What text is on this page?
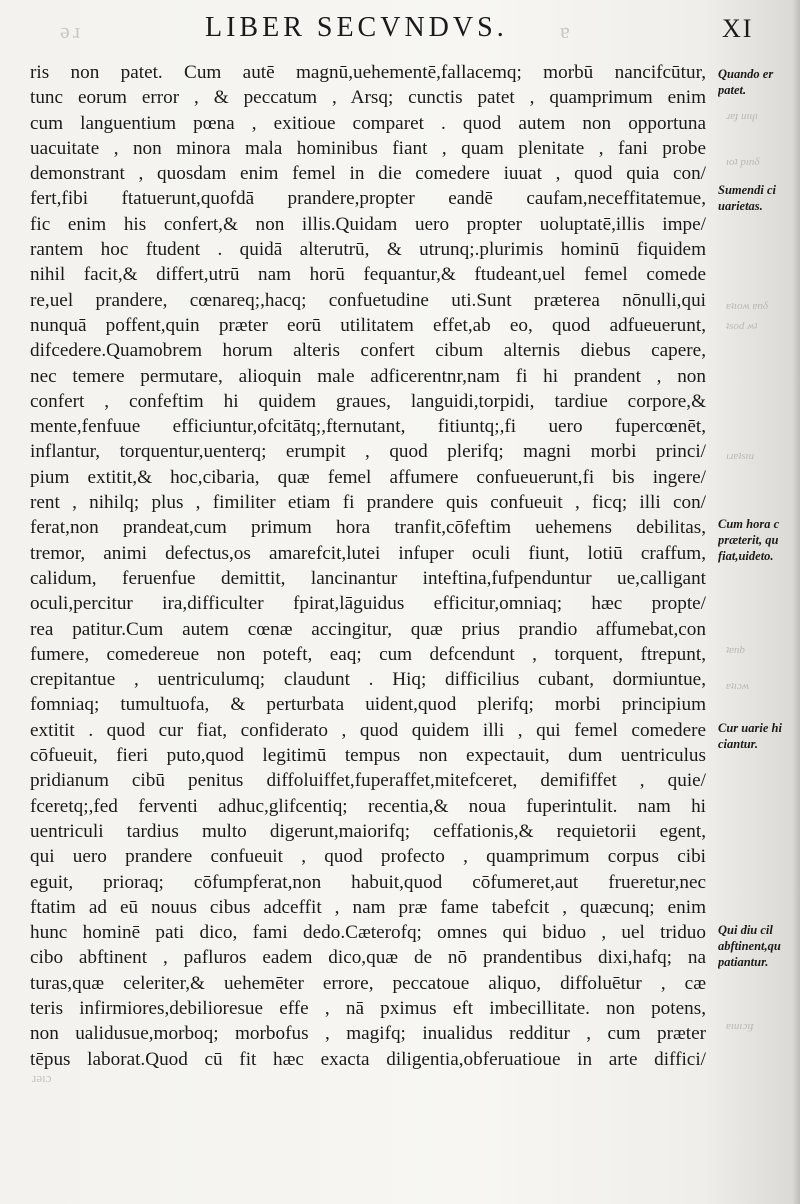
ǝɹ	ɐ
LIBER SECVNDVS.	XI
ris non patet. Cum autē magnū,uehementē,fallacemq; morbū nancifcūtur,
tunc eorum error , & peccatum , Arsq; cunctis patet , quamprimum enim
cum languentium pœna , exitioue comparet . quod autem non opportuna
uacuitate , non minora mala hominibus fiant , quam plenitate , fani probe
demonstrant , quosdam enim femel in die comedere iuuat , quod quia con/
fert,fibi ftatuerunt,quofdā prandere,propter eandē caufam,neceffitatemue,
fic enim his confert,& non illis.Quidam uero propter uoluptatē,illis impe/
rantem hoc ftudent . quidā alterutrū, & utrunq;.plurimis hominū fiquidem
nihil facit,& differt,utrū nam horū fequantur,& ftudeant,uel femel comede
re,uel prandere, cœnareq;,hacq; confuetudine uti.Sunt præterea nōnulli,qui
nunquā poffent,quin præter eorū utilitatem effet,ab eo, quod adfueuerunt,
difcedere.Quamobrem horum alteris confert cibum alternis diebus capere,
nec temere permutare, alioquin male adficerentnr,nam fi hi prandent , non
confert , confeftim hi quidem graues, languidi,torpidi, tardiue corpore,&
mente,fenfuue efficiuntur,ofcitātq;,fternutant, fitiuntq;,fi uero fupercœnēt,
inflantur, torquentur,uenterq; erumpit , quod plerifq; magni morbi princi/
pium extitit,& hoc,cibaria, quæ femel affumere confueuerunt,fi bis ingere/
rent , nihilq; plus , fimiliter etiam fi prandere quis confueuit , ficq; illi con/
ferat,non prandeat,cum primum hora tranfit,cōfeftim uehemens debilitas,
tremor, animi defectus,os amarefcit,lutei infuper oculi fiunt, lotiū craffum,
calidum, feruenfue demittit, lancinantur inteftina,fufpenduntur ue,calligant
oculi,percitur ira,difficulter fpirat,lāguidus efficitur,omniaq; hæc propte/
rea patitur.Cum autem cœnæ accingitur, quæ prius prandio affumebat,con
fumere, comedereue non poteft, eaq; cum defcendunt , torquent, ftrepunt,
crepitantue , uentriculumq; claudunt . Hiq; difficilius cubant, dormiuntue,
fomniaq; tumultuofa, & perturbata uident,quod plerifq; morbi principium
extitit . quod cur fiat, confiderato , quod quidem illi , qui femel comedere
cōfueuit, fieri puto,quod legitimū tempus non expectauit, dum uentriculus
pridianum cibū penitus diffoluiffet,fuperaffet,mitefceret, demififfet , quie/
fceretq;,fed ferventi adhuc,glifcentiq; recentia,& noua fuperintulit. nam hi
uentriculi tardius multo digerunt,maiorifq; ceffationis,& requietorii egent,
qui uero prandere confueuit , quod profecto , quamprimum corpus cibi
eguit, prioraq; cōfumpferat,non habuit,quod cōfumeret,aut frueretur,nec
ftatim ad eū nouus cibus adceffit , nam præ fame tabefcit , quæcunq; enim
hunc hominē pati dico, fami dedo.Cæterofq; omnes qui biduo , uel triduo
cibo abftinent , pafluros eadem dico,quæ de nō prandentibus dixi,hafq; na
turas,quæ celeriter,& uehemēter errore, peccatoue aliquo, diffoluētur , cæ
teris infirmiores,debilioresue effe , nā pximus eft imbecillitate. non potens,
non ualidusue,morboq; morbofus , magifq; inualidus redditur , cum præter
tēpus laborat.Quod cū fit hæc exacta diligentia,obferuatioue in arte diffici/
Quando er
patet.
ɹɐɟ uıɥı
ıoʇ pınδ
Sumendi ci
uarietas.
ɐʇıoʍ ɐnδ
ʇsod ʍʇ
ıɹɐʇsıu
Cum hora c
præterit, qu
fiat,uideto.
ʇɐnb
ɐʇıɔʍ
Cur uarie hi
ciantur.
Qui diu cil
abftinent,qu
patiantur.
ɐıuıɔıɟ
ɹǝıɔ
